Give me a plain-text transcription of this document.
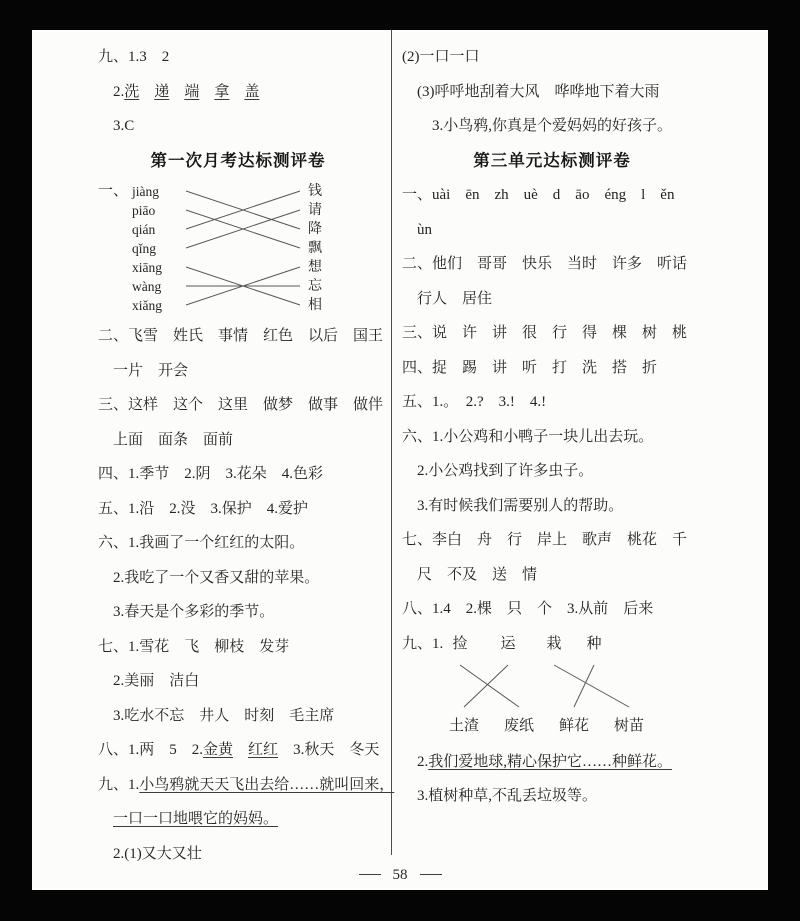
九、1.3　2
2.洗　 递　 端　 拿　 盖
3.C
第一次月考达标测评卷
一、 jiàng
piāo
qián
qǐng
xiāng
wàng
xiǎng
钱
请
降
飘
想
忘
相
二、飞雪　姓氏　事情　红色　以后　国王
一片　开会
三、这样　这个　这里　做梦　做事　做伴
上面　面条　面前
四、1.季节　2.阴　3.花朵　4.色彩
五、1.沿　2.没　3.保护　4.爱护
六、1.我画了一个红红的太阳。
2.我吃了一个又香又甜的苹果。
3.春天是个多彩的季节。
七、1.雪花　飞　柳枝　发芽
2.美丽　洁白
3.吃水不忘　井人　时刻　毛主席
八、1.两　5　2.金黄　 红红　3.秋天　冬天
九、1.小鸟鸦就天天飞出去给……就叫回来，
一口一口地喂它的妈妈。
2.(1)又大又壮
(2)一口一口
(3)呼呼地刮着大风　哗哗地下着大雨
3.小鸟鸦,你真是个爱妈妈的好孩子。
第三单元达标测评卷
一、uài　ēn　zh　uè　d　āo　éng　l　ěn
ùn
二、他们　哥哥　快乐　当时　许多　听话
行人　居住
三、说　许　讲　很　行　得　棵　树　桃
四、捉　踢　讲　听　打　洗　搭　折
五、1.。　2.?　3.!　4.!
六、1.小公鸡和小鸭子一块儿出去玩。
2.小公鸡找到了许多虫子。
3.有时候我们需要别人的帮助。
七、李白　舟　行　岸上　歌声　桃花　千
尺　不及　送　情
八、1.4　2.棵　只　个　3.从前　后来
九、1. 捡 运 栽 种
土渣 废纸 鲜花 树苗
2.我们爱地球,精心保护它……种鲜花。
3.植树种草,不乱丢垃圾等。
58
